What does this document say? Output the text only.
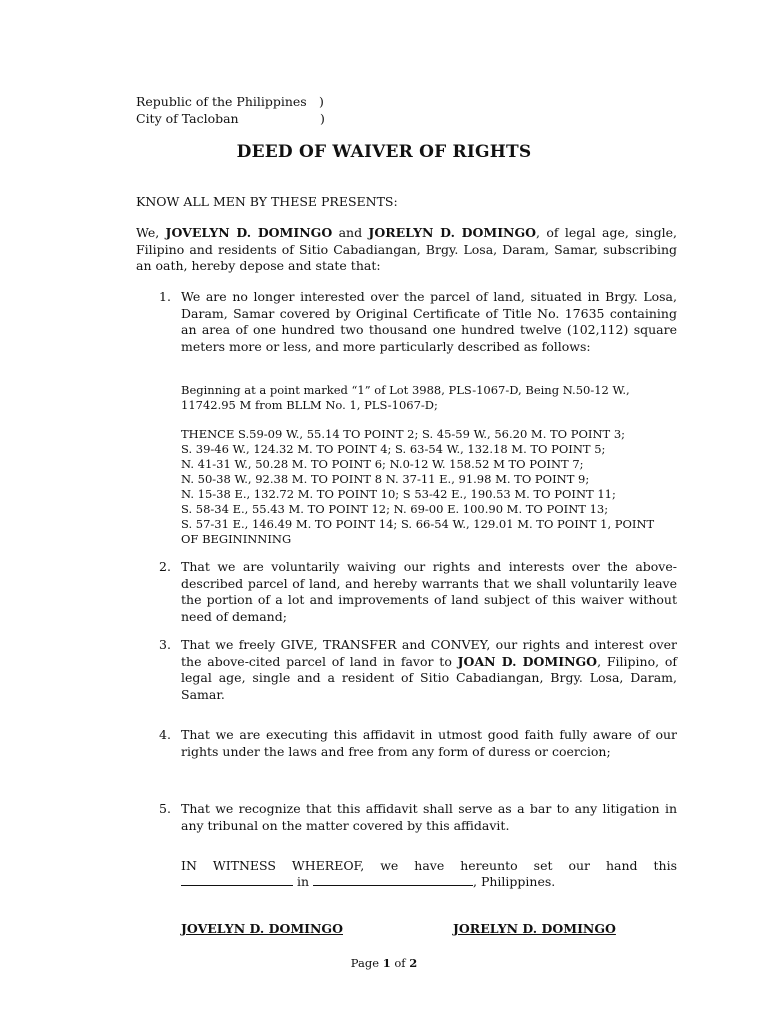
Republic of the Philippines )
City of Tacloban	)
DEED OF WAIVER OF RIGHTS
KNOW ALL MEN BY THESE PRESENTS:

We, JOVELYN D. DOMINGO and JORELYN D. DOMINGO, of legal age, single, Filipino and residents of Sitio Cabadiangan, Brgy. Losa, Daram, Samar, subscribing an oath, hereby depose and state that:

1. We are no longer interested over the parcel of land, situated in Brgy. Losa, Daram, Samar covered by Original Certificate of Title No. 17635 containing an area of one hundred two thousand one hundred twelve (102,112) square meters more or less, and more particularly described as follows:
Beginning at a point marked “1” of Lot 3988, PLS-1067-D, Being N.50-12 W.,
11742.95 M from BLLM No. 1, PLS-1067-D;
THENCE S.59-09 W., 55.14 TO POINT 2; S. 45-59 W., 56.20 M. TO POINT 3;
S. 39-46 W., 124.32 M. TO POINT 4; S. 63-54 W., 132.18 M. TO POINT 5;
N. 41-31 W., 50.28 M. TO POINT 6; N.0-12 W. 158.52 M TO POINT 7;
N. 50-38 W., 92.38 M. TO POINT 8 N. 37-11 E., 91.98 M. TO POINT 9;
N. 15-38 E., 132.72 M. TO POINT 10; S 53-42 E., 190.53 M. TO POINT 11;
S. 58-34 E., 55.43 M. TO POINT 12; N. 69-00 E. 100.90 M. TO POINT 13;
S. 57-31 E., 146.49 M. TO POINT 14; S. 66-54 W., 129.01 M. TO POINT 1, POINT
OF BEGININNING
2. That we are voluntarily waiving our rights and interests over the above-described parcel of land, and hereby warrants that we shall voluntarily leave the portion of a lot and improvements of land subject of this waiver without need of demand;
3. That we freely GIVE, TRANSFER and CONVEY, our rights and interest over the above-cited parcel of land in favor to JOAN D. DOMINGO, Filipino, of legal age, single and a resident of Sitio Cabadiangan, Brgy. Losa, Daram, Samar.
4. That we are executing this affidavit in utmost good faith fully aware of our rights under the laws and free from any form of duress or coercion;
5. That we recognize that this affidavit shall serve as a bar to any litigation in any tribunal on the matter covered by this affidavit.
IN WITNESS WHEREOF, we have hereunto set our hand this
in	, Philippines.
JOVELYN D. DOMINGO	JORELYN D. DOMINGO
Page 1 of 2
